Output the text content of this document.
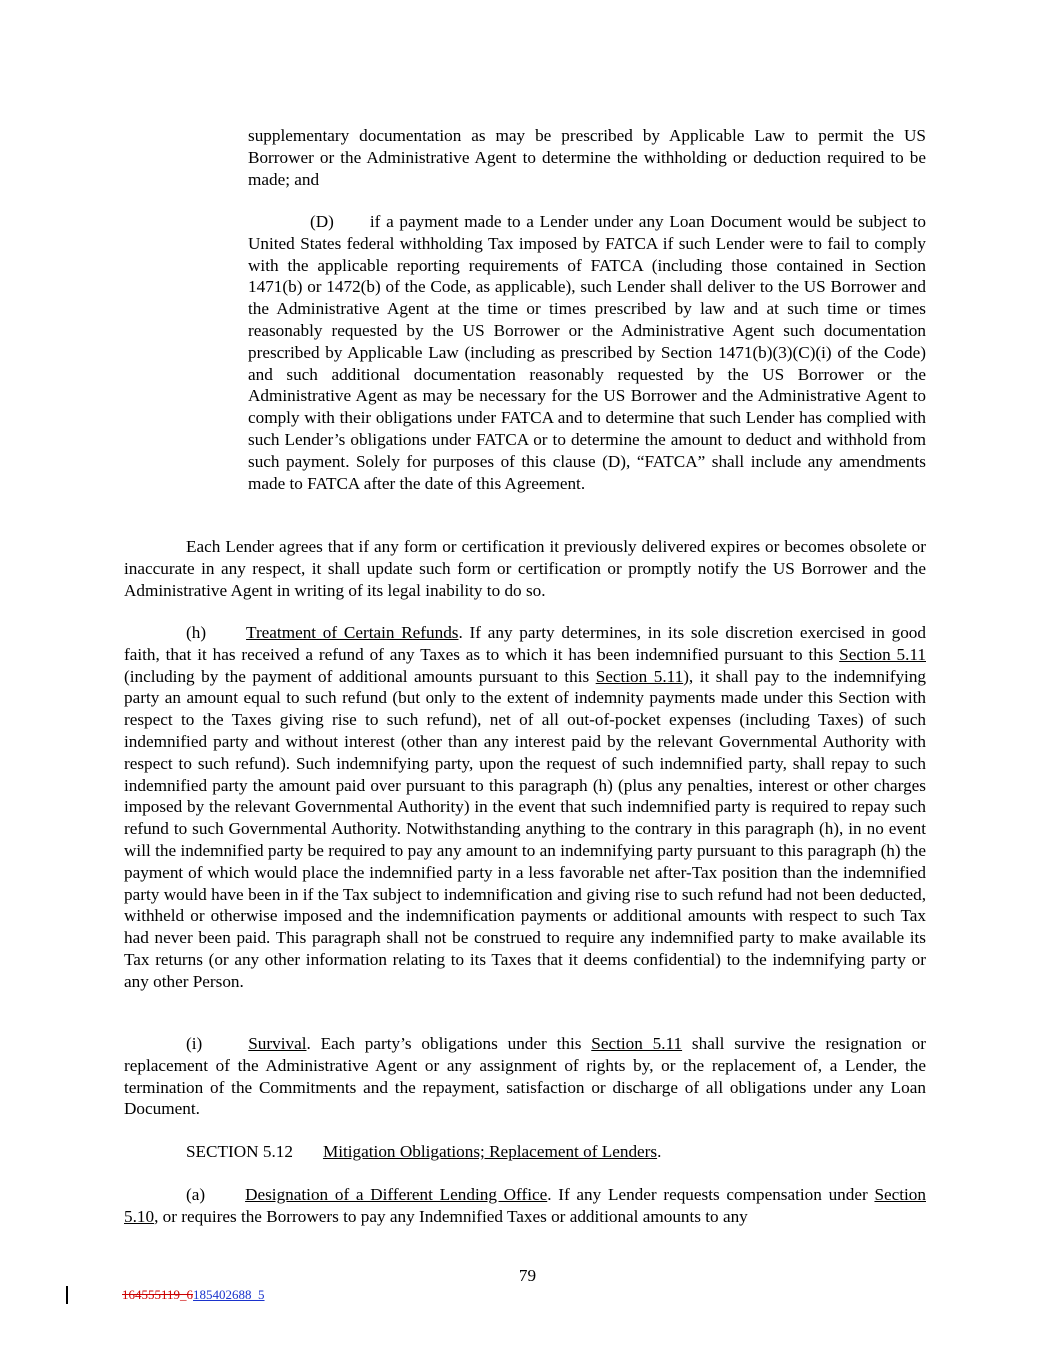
supplementary documentation as may be prescribed by Applicable Law to permit the US Borrower or the Administrative Agent to determine the withholding or deduction required to be made; and

(D) if a payment made to a Lender under any Loan Document would be subject to United States federal withholding Tax imposed by FATCA if such Lender were to fail to comply with the applicable reporting requirements of FATCA (including those contained in Section 1471(b) or 1472(b) of the Code, as applicable), such Lender shall deliver to the US Borrower and the Administrative Agent at the time or times prescribed by law and at such time or times reasonably requested by the US Borrower or the Administrative Agent such documentation prescribed by Applicable Law (including as prescribed by Section 1471(b)(3)(C)(i) of the Code) and such additional documentation reasonably requested by the US Borrower or the Administrative Agent as may be necessary for the US Borrower and the Administrative Agent to comply with their obligations under FATCA and to determine that such Lender has complied with such Lender’s obligations under FATCA or to determine the amount to deduct and withhold from such payment. Solely for purposes of this clause (D), “FATCA” shall include any amendments made to FATCA after the date of this Agreement.

Each Lender agrees that if any form or certification it previously delivered expires or becomes obsolete or inaccurate in any respect, it shall update such form or certification or promptly notify the US Borrower and the Administrative Agent in writing of its legal inability to do so.

(h) Treatment of Certain Refunds. If any party determines, in its sole discretion exercised in good faith, that it has received a refund of any Taxes as to which it has been indemnified pursuant to this Section 5.11 (including by the payment of additional amounts pursuant to this Section 5.11), it shall pay to the indemnifying party an amount equal to such refund (but only to the extent of indemnity payments made under this Section with respect to the Taxes giving rise to such refund), net of all out-of-pocket expenses (including Taxes) of such indemnified party and without interest (other than any interest paid by the relevant Governmental Authority with respect to such refund). Such indemnifying party, upon the request of such indemnified party, shall repay to such indemnified party the amount paid over pursuant to this paragraph (h) (plus any penalties, interest or other charges imposed by the relevant Governmental Authority) in the event that such indemnified party is required to repay such refund to such Governmental Authority. Notwithstanding anything to the contrary in this paragraph (h), in no event will the indemnified party be required to pay any amount to an indemnifying party pursuant to this paragraph (h) the payment of which would place the indemnified party in a less favorable net after-Tax position than the indemnified party would have been in if the Tax subject to indemnification and giving rise to such refund had not been deducted, withheld or otherwise imposed and the indemnification payments or additional amounts with respect to such Tax had never been paid. This paragraph shall not be construed to require any indemnified party to make available its Tax returns (or any other information relating to its Taxes that it deems confidential) to the indemnifying party or any other Person.

(i)	Survival. Each party’s obligations under this Section 5.11 shall survive the resignation or replacement of the Administrative Agent or any assignment of rights by, or the replacement of, a Lender, the termination of the Commitments and the repayment, satisfaction or discharge of all obligations under any Loan Document.

SECTION 5.12 Mitigation Obligations; Replacement of Lenders.

(a) Designation of a Different Lending Office. If any Lender requests compensation under Section 5.10, or requires the Borrowers to pay any Indemnified Taxes or additional amounts to any

79
164555119_6185402688_5
